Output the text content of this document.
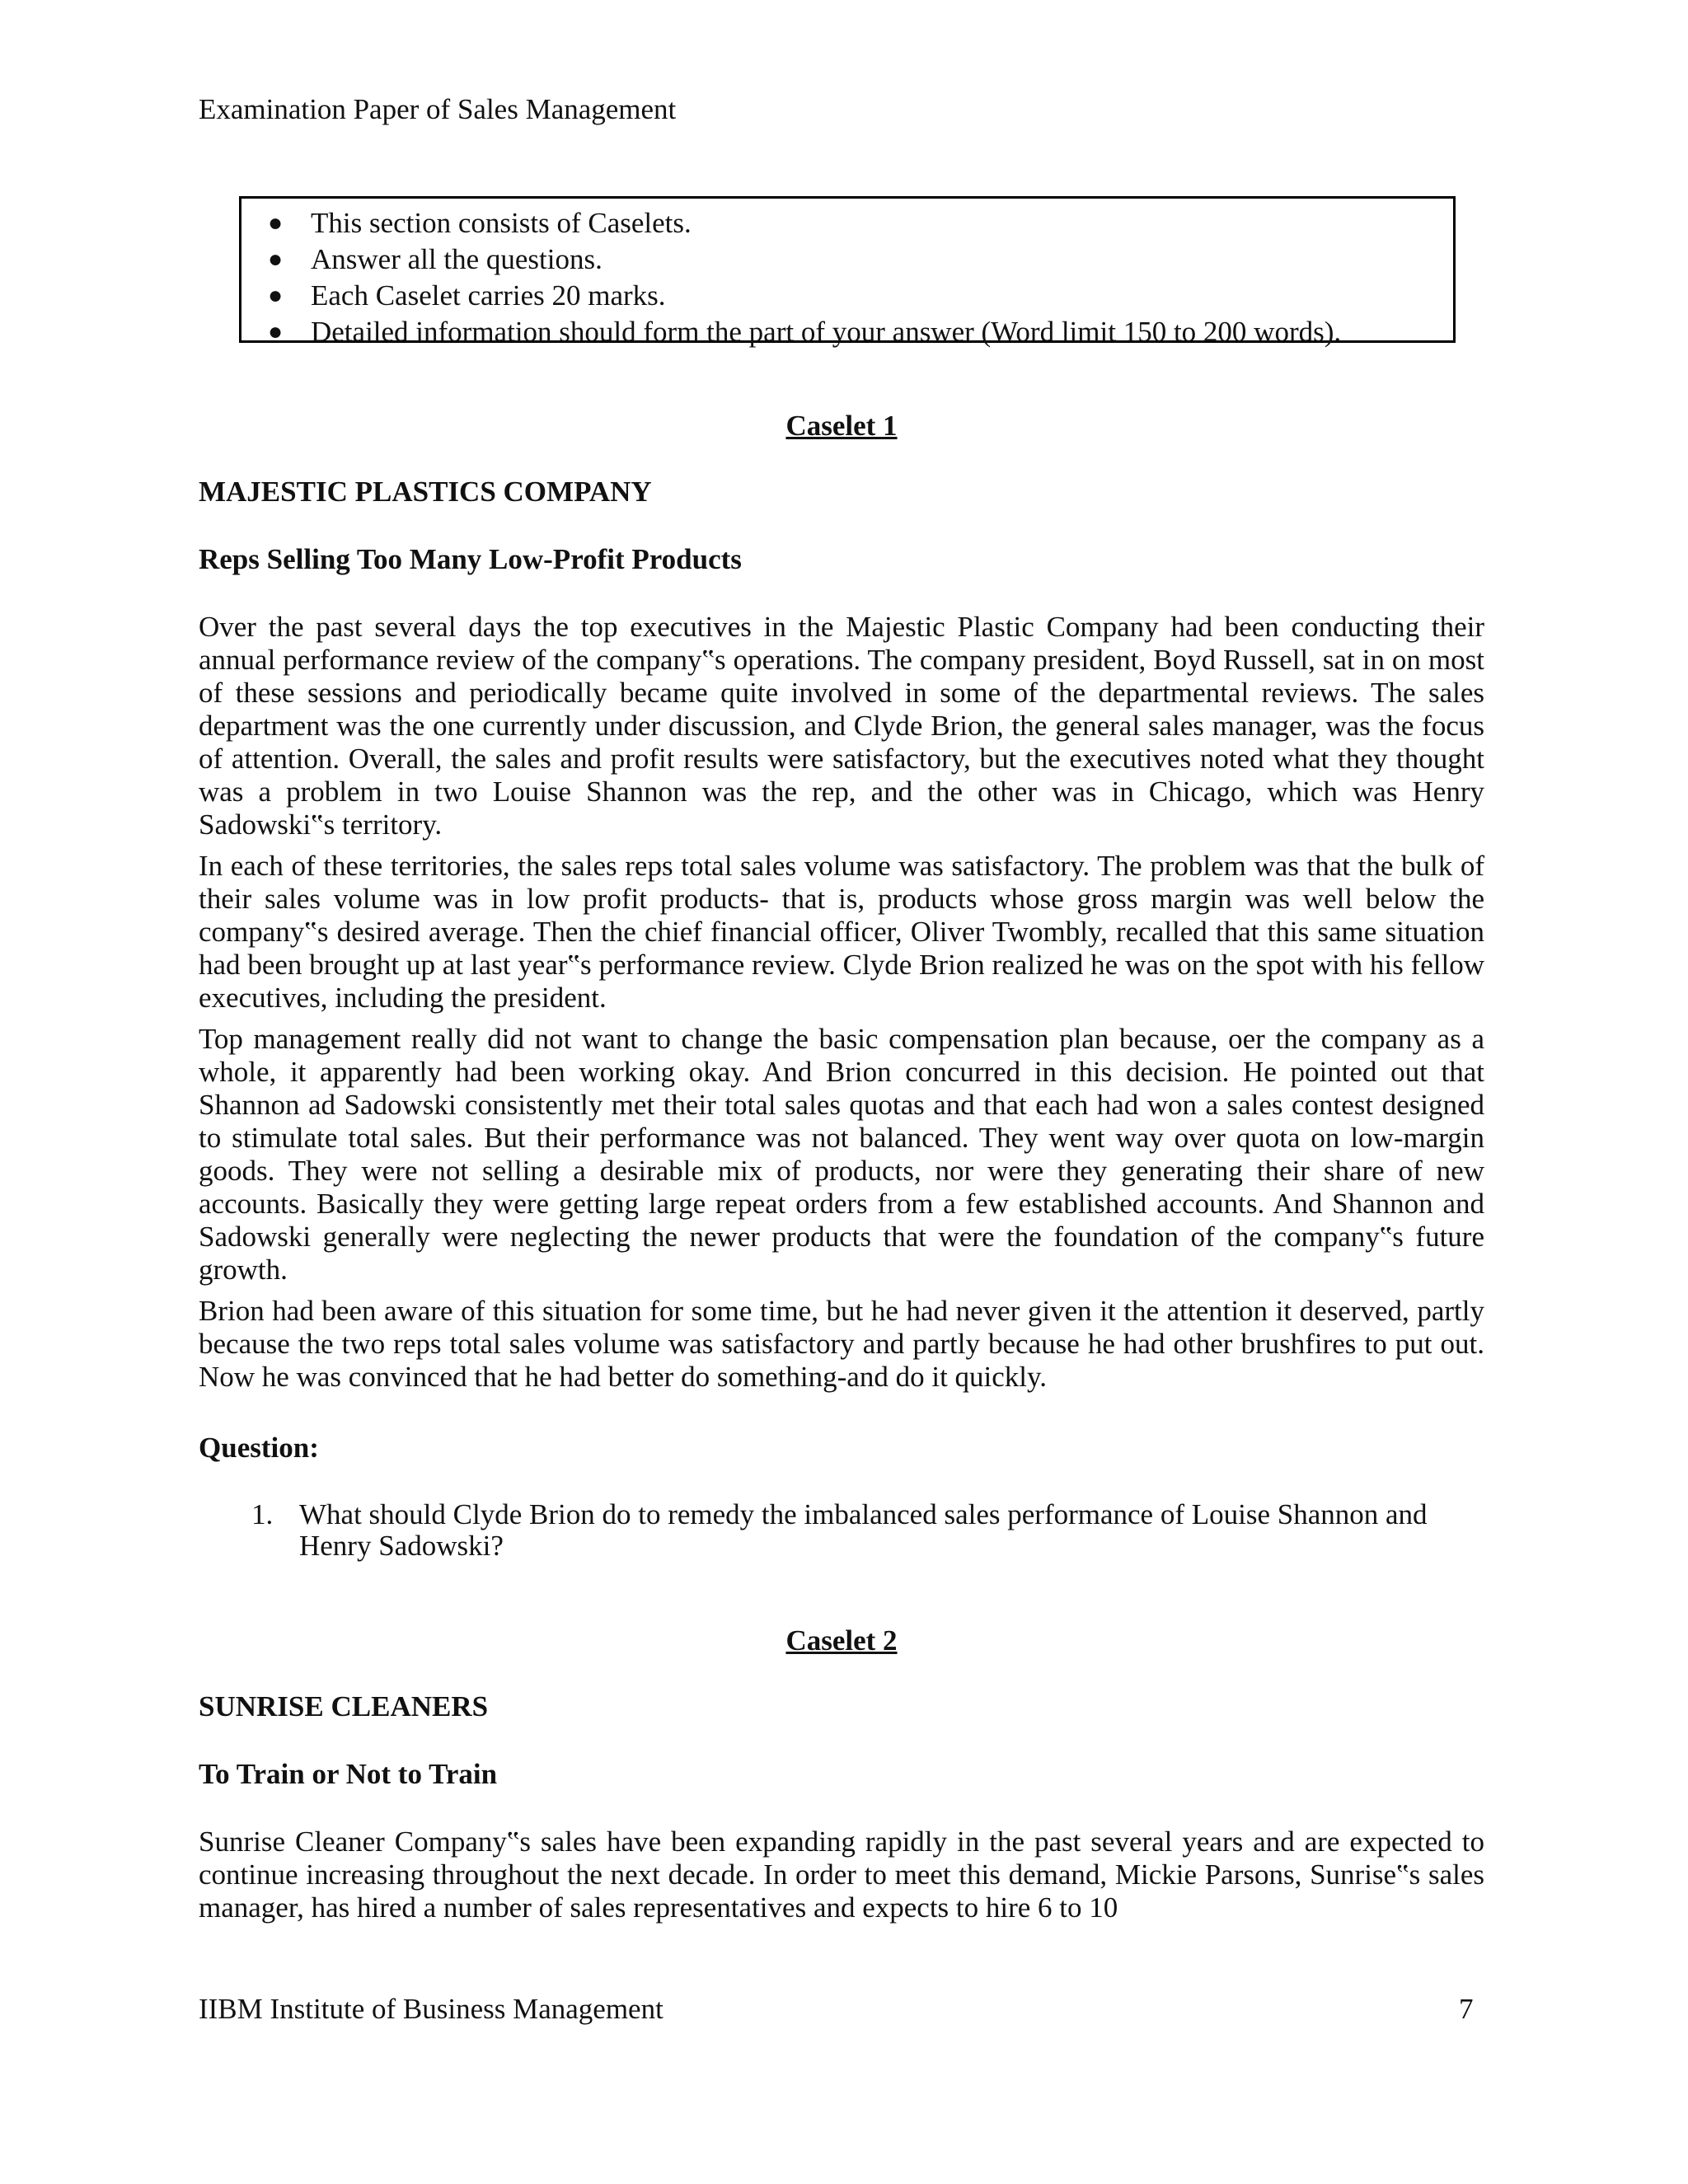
Examination Paper of Sales Management
● This section consists of Caselets.
● Answer all the questions.
● Each Caselet carries 20 marks.
● Detailed information should form the part of your answer (Word limit 150 to 200 words).
Caselet 1
MAJESTIC PLASTICS COMPANY
Reps Selling Too Many Low-Profit Products

Over the past several days the top executives in the Majestic Plastic Company had been conducting their annual performance review of the company‟s operations. The company president, Boyd Russell, sat in on most of these sessions and periodically became quite involved in some of the departmental reviews. The sales department was the one currently under discussion, and Clyde Brion, the general sales manager, was the focus of attention. Overall, the sales and profit results were satisfactory, but the executives noted what they thought was a problem in two Louise Shannon was the rep, and the other was in Chicago, which was Henry Sadowski‟s territory.

In each of these territories, the sales reps total sales volume was satisfactory. The problem was that the bulk of their sales volume was in low profit products- that is, products whose gross margin was well below the company‟s desired average. Then the chief financial officer, Oliver Twombly, recalled that this same situation had been brought up at last year‟s performance review. Clyde Brion realized he was on the spot with his fellow executives, including the president.

Top management really did not want to change the basic compensation plan because, oer the company as a whole, it apparently had been working okay. And Brion concurred in this decision. He pointed out that Shannon ad Sadowski consistently met their total sales quotas and that each had won a sales contest designed to stimulate total sales. But their performance was not balanced. They went way over quota on low-margin goods. They were not selling a desirable mix of products, nor were they generating their share of new accounts. Basically they were getting large repeat orders from a few established accounts. And Shannon and Sadowski generally were neglecting the newer products that were the foundation of the company‟s future growth.

Brion had been aware of this situation for some time, but he had never given it the attention it deserved, partly because the two reps total sales volume was satisfactory and partly because he had other brushfires to put out. Now he was convinced that he had better do something-and do it quickly.

Question:
1. What should Clyde Brion do to remedy the imbalanced sales performance of Louise Shannon and Henry Sadowski?
Caselet 2
SUNRISE CLEANERS
To Train or Not to Train

Sunrise Cleaner Company‟s sales have been expanding rapidly in the past several years and are expected to continue increasing throughout the next decade. In order to meet this demand, Mickie Parsons, Sunrise‟s sales manager, has hired a number of sales representatives and expects to hire 6 to 10

IIBM Institute of Business Management	7
